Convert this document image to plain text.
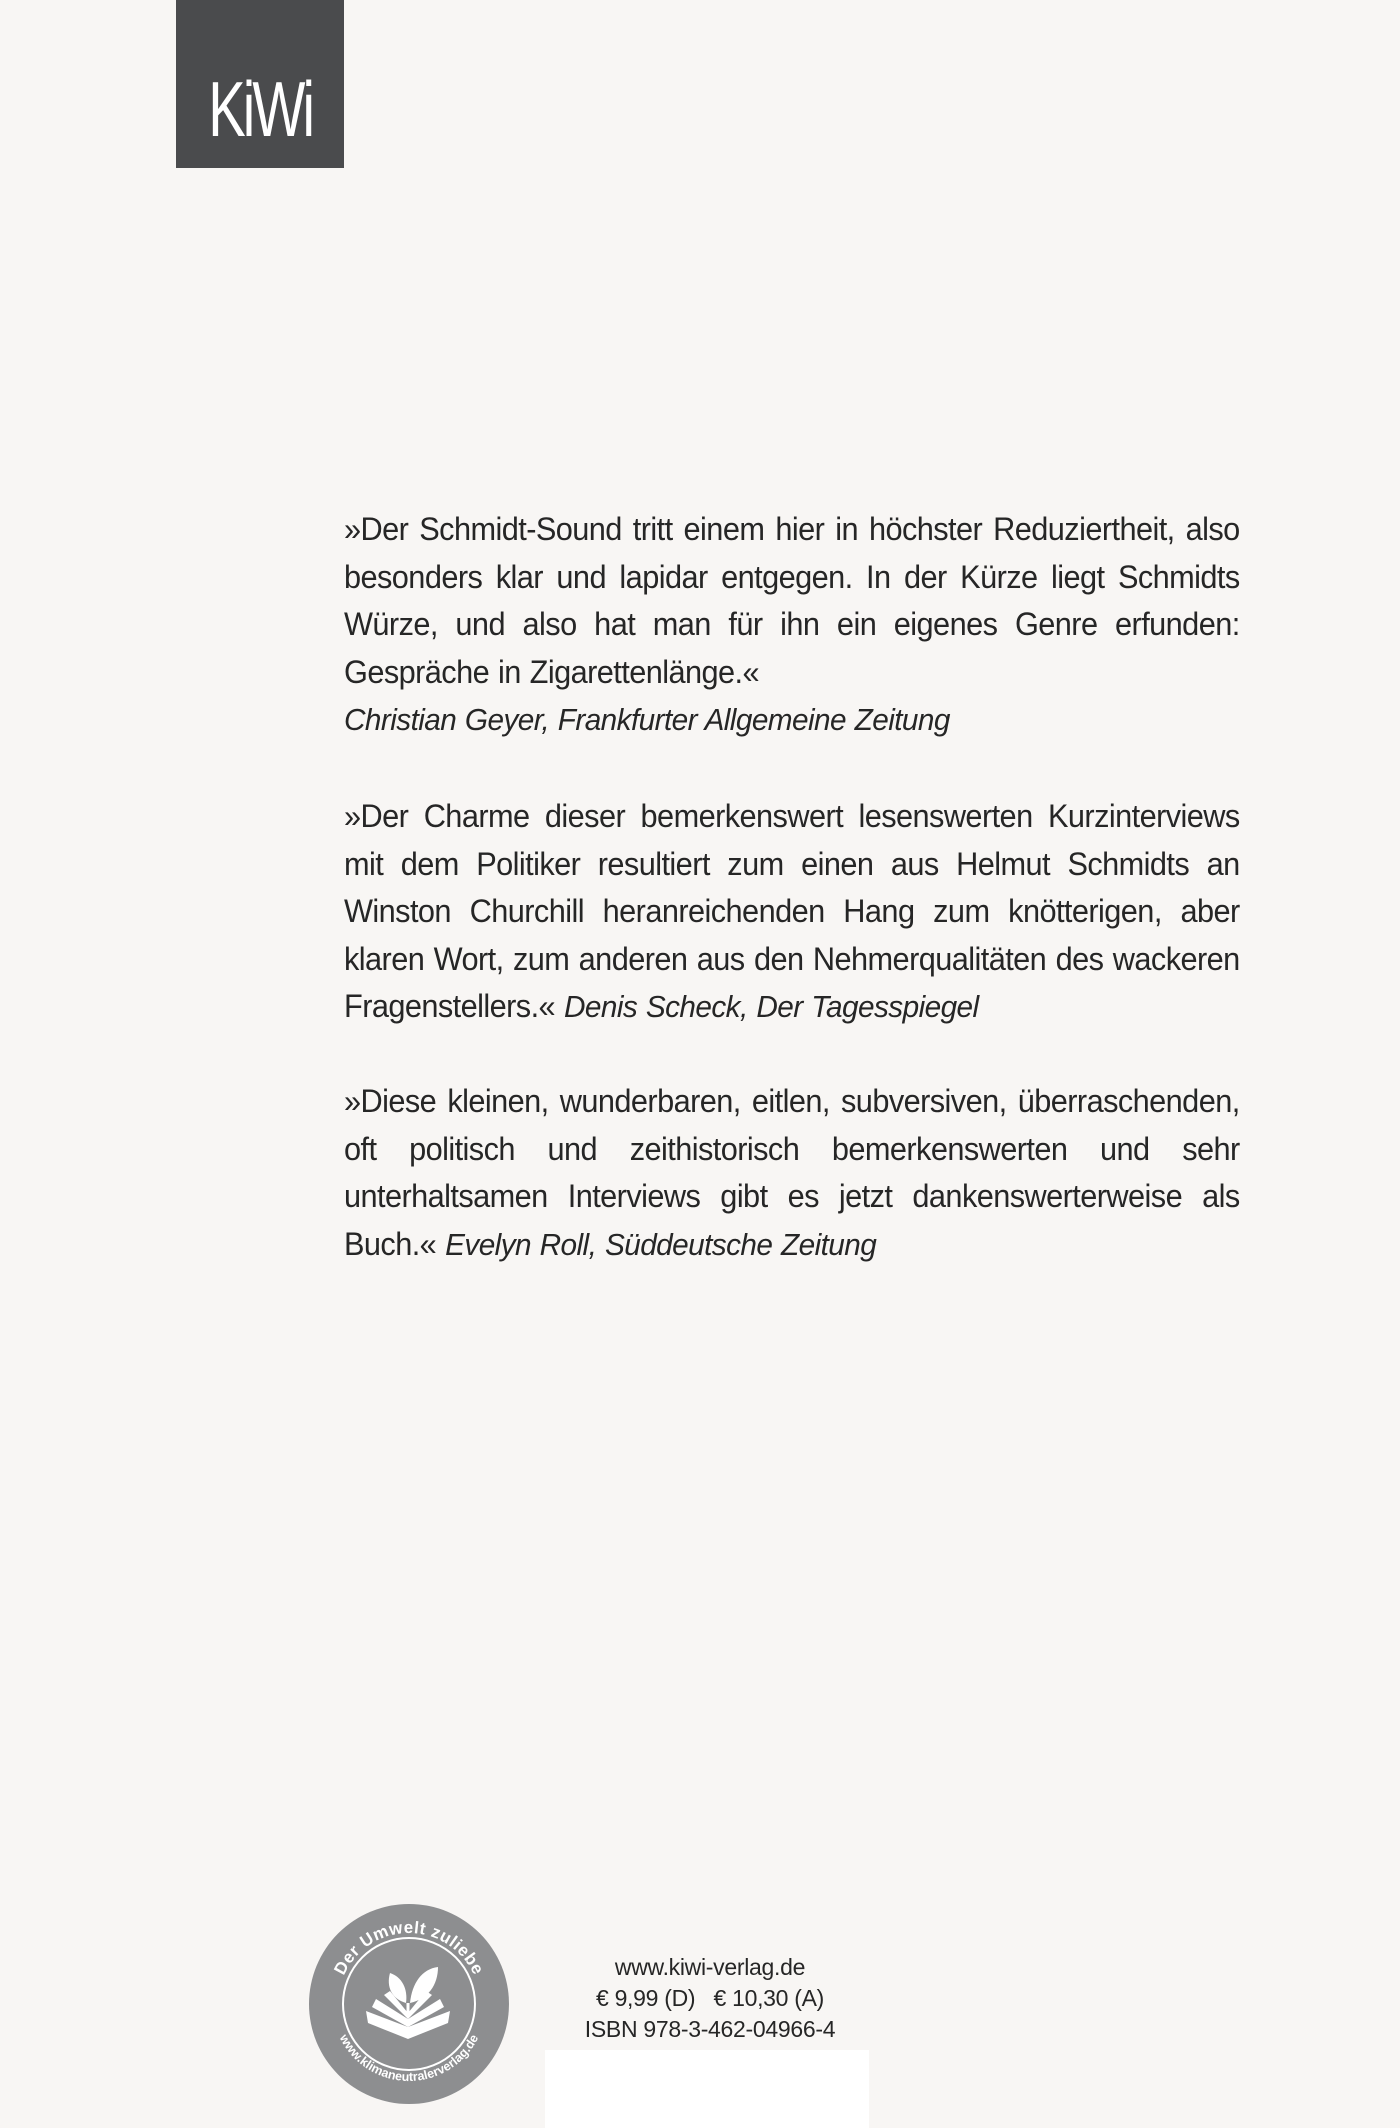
KiWi

»Der Schmidt-Sound tritt einem hier in höchster Reduziertheit, also besonders klar und lapidar entgegen. In der Kürze liegt Schmidts Würze, und also hat man für ihn ein eigenes Genre erfunden: Gespräche in Zigarettenlänge.«
Christian Geyer, Frankfurter Allgemeine Zeitung

»Der Charme dieser bemerkenswert lesenswerten Kurzinterviews mit dem Politiker resultiert zum einen aus Helmut Schmidts an Winston Churchill heranreichenden Hang zum knötterigen, aber klaren Wort, zum anderen aus den Nehmerqualitäten des wackeren Fragenstellers.« Denis Scheck, Der Tagesspiegel

»Diese kleinen, wunderbaren, eitlen, subversiven, überraschenden, oft politisch und zeithistorisch bemerkenswerten und sehr unterhaltsamen Interviews gibt es jetzt dankenswerterweise als Buch.« Evelyn Roll, Süddeutsche Zeitung

Der Umwelt zuliebe
www.klimaneutralerverlag.de
www.kiwi-verlag.de
€ 9,99 (D)   € 10,30 (A)
ISBN 978-3-462-04966-4
